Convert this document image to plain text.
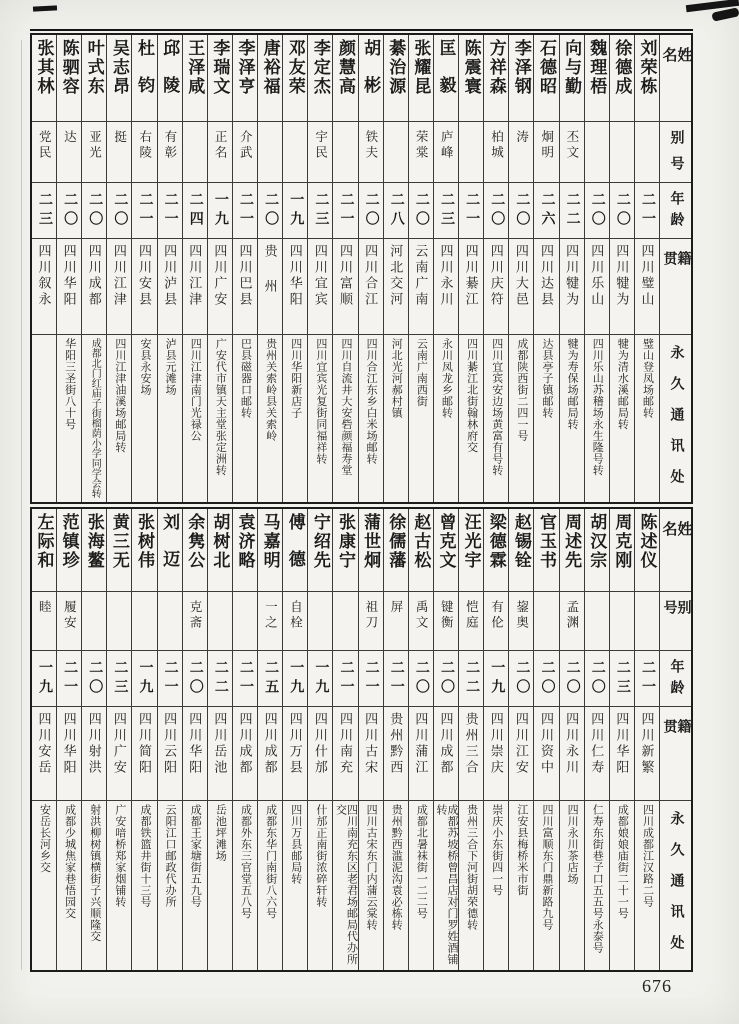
姓名
别号
年龄
籍贯
永久通讯处
刘荣栋
二一
四川璧山
璧山登凤场邮转
徐德成
二〇
四川犍为
犍为清水溪邮局转
魏理梧
二〇
四川乐山
四川乐山苏稽场永生隆号转
向与勤
丕文
二二
四川犍为
犍为寿保场邮局转
石德昭
炯明
二六
四川达县
达县亭子镇邮转
李泽钢
涛
二〇
四川大邑
成都陕西街二四一号
方祥森
柏城
二〇
四川庆符
四川宜宾安边场黄富有号转
陈震寰
二一
四川綦江
四川綦江北街翰林府交
匡毅
庐峰
二三
四川永川
永川凤龙乡邮转
张耀昆
荣棠
二〇
云南广南
云南广南西街
綦治源
二八
河北交河
河北光河郝村镇
胡彬
铁夫
二〇
四川合江
四川合江东乡白米场邮转
颜慧高
二一
四川富顺
四川自流井大安砦颜福寿堂
李定杰
宇民
二三
四川宜宾
四川宜宾光复街同福祥转
邓友荣
一九
四川华阳
四川华阳新店子
唐裕福
二〇
贵州
贵州关索岭县关索岭
李泽亨
介武
二一
四川巴县
巴县磁器口邮转
李瑞文
正名
一九
四川广安
广安代市镇天主堂张定洲转
王泽咸
二四
四川江津
四川江津南门光禄公
邱陵
有彰
二一
四川泸县
泸县元滩场
杜钧
右陵
二一
四川安县
安县永安场
吴志昂
挺
二〇
四川江津
四川江津油溪场邮局转
叶式东
亚光
二〇
四川成都
成都北门红庙子街榴荫小学同学会转
陈驷容
达
二〇
四川华阳
华阳三圣街八十号
张其林
党民
二三
四川叙永
姓名
别号
年龄
籍贯
永久通讯处
陈述仪
二一
四川新繁
四川成都江汉路二号
周克刚
二三
四川华阳
成都娘娘庙街二十一号
胡汉宗
二〇
四川仁寿
仁寿东街巷子口五五号永泰号
周述先
孟渊
二〇
四川永川
四川永川茶店场
官玉书
二〇
四川资中
四川富顺东门鼎新路九号
赵锡铨
鋆奥
二〇
四川江安
江安县梅桥米市街
梁德霖
有伦
一九
四川崇庆
崇庆小东街四一号
汪光宇
恺庭
二二
贵州三合
贵州三合下河街胡荣德转
曾克文
键衡
二〇
四川成都
成都苏坡桥曾昌店对门罗姓酒铺转
赵古松
禹文
二〇
四川蒲江
成都北暑袜街一二二号
徐儒藩
屏
二一
贵州黔西
贵州黔西滥泥沟袁必栋转
蒲世炯
祖刀
二一
四川古宋
四川古宋东门内蒲云棠转
张康宁
二一
四川南充
四川南充东区老君场邮局代办所交
宁绍先
一九
四川什邡
什邡正南街浓碎轩转
傅德
自栓
一九
四川万县
四川万县邮局转
马嘉明
一之
二五
四川成都
成都东华门南街八六号
袁济略
二一
四川成都
成都外东三官堂五八号
胡树北
二二
四川岳池
岳池坪滩场
余隽公
克斋
二〇
四川华阳
成都王家塘街五九号
刘迈
二一
四川云阳
云阳江口邮政代办所
张树伟
一九
四川简阳
成都铁篮井街十三号
黄三无
二三
四川广安
广安喑桥郑家烟铺转
张海鳌
二〇
四川射洪
射洪柳树镇横街子兴顺隆交
范镇珍
履安
二一
四川华阳
成都少城焦家巷悟园交
左际和
睦
一九
四川安岳
安岳长河乡交
676
